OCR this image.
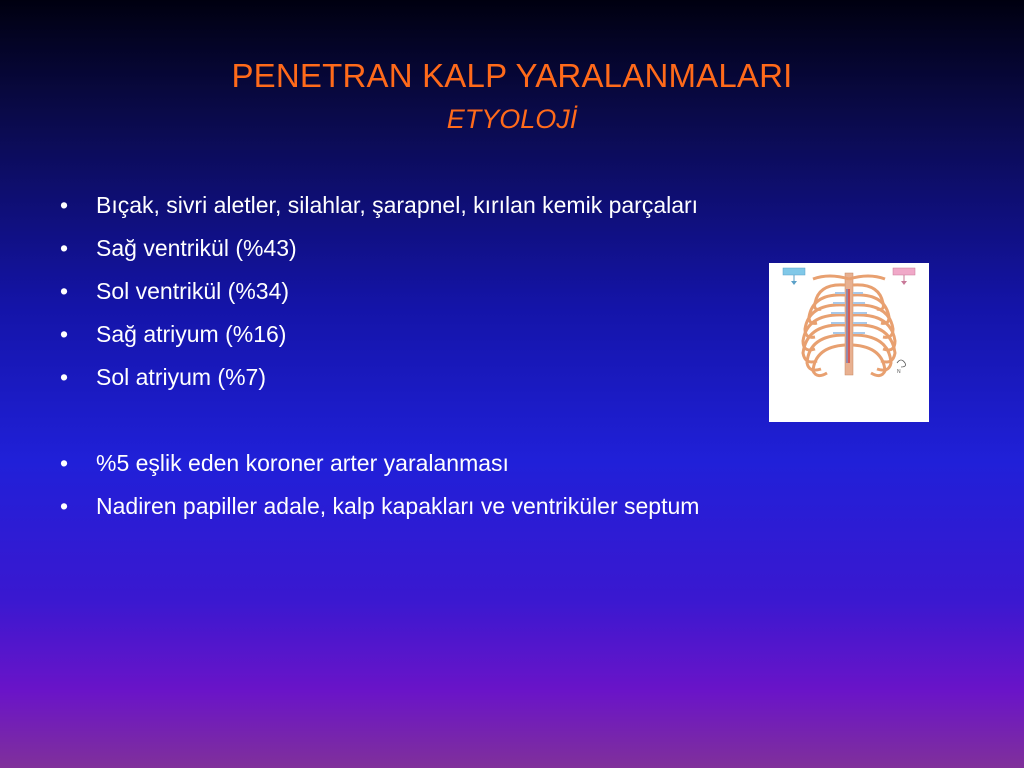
PENETRAN KALP YARALANMALARI
ETYOLOJİ
•	Bıçak, sivri aletler, silahlar, şarapnel, kırılan kemik parçaları
•	Sağ ventrikül (%43)
•	Sol ventrikül (%34)
•	Sağ atriyum (%16)
•	Sol atriyum (%7)
•	%5 eşlik eden koroner arter yaralanması
•	Nadiren papiller adale, kalp kapakları ve ventriküler septum
N
